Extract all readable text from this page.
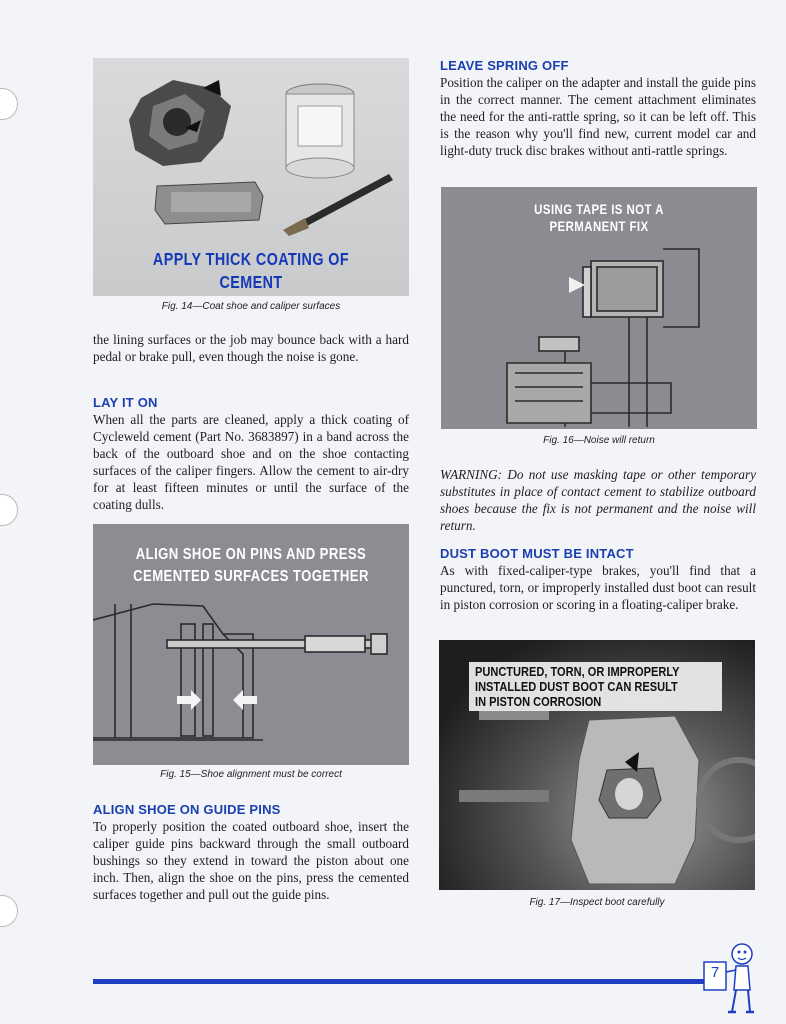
APPLY THICK COATING OF CEMENT
Fig. 14—Coat shoe and caliper surfaces
the lining surfaces or the job may bounce back with a hard pedal or brake pull, even though the noise is gone.
LAY IT ON
When all the parts are cleaned, apply a thick coating of Cycleweld cement (Part No. 3683897) in a band across the back of the outboard shoe and on the shoe contacting surfaces of the caliper fingers. Allow the cement to air-dry for at least fifteen minutes or until the surface of the coating dulls.
ALIGN SHOE ON PINS AND PRESS
CEMENTED SURFACES TOGETHER
Fig. 15—Shoe alignment must be correct
ALIGN SHOE ON GUIDE PINS
To properly position the coated outboard shoe, insert the caliper guide pins backward through the small outboard bushings so they extend in toward the piston about one inch. Then, align the shoe on the pins, press the cemented surfaces together and pull out the guide pins.
LEAVE SPRING OFF
Position the caliper on the adapter and install the guide pins in the correct manner. The cement attachment eliminates the need for the anti-rattle spring, so it can be left off. This is the reason why you'll find new, current model car and light-duty truck disc brakes without anti-rattle springs.
USING TAPE IS NOT A
PERMANENT FIX
Fig. 16—Noise will return
WARNING: Do not use masking tape or other temporary substitutes in place of contact cement to stabilize outboard shoes because the fix is not permanent and the noise will return.
DUST BOOT MUST BE INTACT
As with fixed-caliper-type brakes, you'll find that a punctured, torn, or improperly installed dust boot can result in piston corrosion or scoring in a floating-caliper brake.
PUNCTURED, TORN, OR IMPROPERLY
INSTALLED DUST BOOT CAN RESULT
IN PISTON CORROSION
Fig. 17—Inspect boot carefully
7
